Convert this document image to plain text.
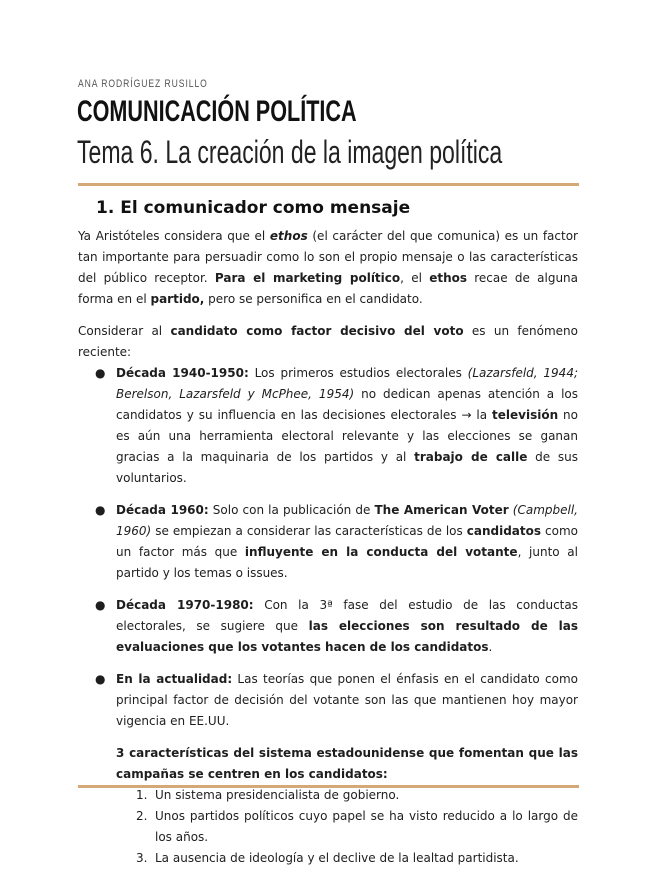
ANA RODRÍGUEZ RUSILLO
COMUNICACIÓN POLÍTICA
Tema 6. La creación de la imagen política
1. El comunicador como mensaje

Ya Aristóteles considera que el ethos (el carácter del que comunica) es un factor tan importante para persuadir como lo son el propio mensaje o las características del público receptor. Para el marketing político, el ethos recae de alguna forma en el partido, pero se personifica en el candidato.

Considerar al candidato como factor decisivo del voto es un fenómeno reciente:

● Década 1940-1950: Los primeros estudios electorales (Lazarsfeld, 1944; Berelson, Lazarsfeld y McPhee, 1954) no dedican apenas atención a los candidatos y su influencia en las decisiones electorales → la televisión no es aún una herramienta electoral relevante y las elecciones se ganan gracias a la maquinaria de los partidos y al trabajo de calle de sus voluntarios.
● Década 1960: Solo con la publicación de The American Voter (Campbell, 1960) se empiezan a considerar las características de los candidatos como un factor más que influyente en la conducta del votante, junto al partido y los temas o issues.
● Década 1970-1980: Con la 3ª fase del estudio de las conductas electorales, se sugiere que las elecciones son resultado de las evaluaciones que los votantes hacen de los candidatos.
● En la actualidad: Las teorías que ponen el énfasis en el candidato como principal factor de decisión del votante son las que mantienen hoy mayor vigencia en EE.UU.
3 características del sistema estadounidense que fomentan que las campañas se centren en los candidatos:
1. Un sistema presidencialista de gobierno.
2. Unos partidos políticos cuyo papel se ha visto reducido a lo largo de los años.
3. La ausencia de ideología y el declive de la lealtad partidista.
